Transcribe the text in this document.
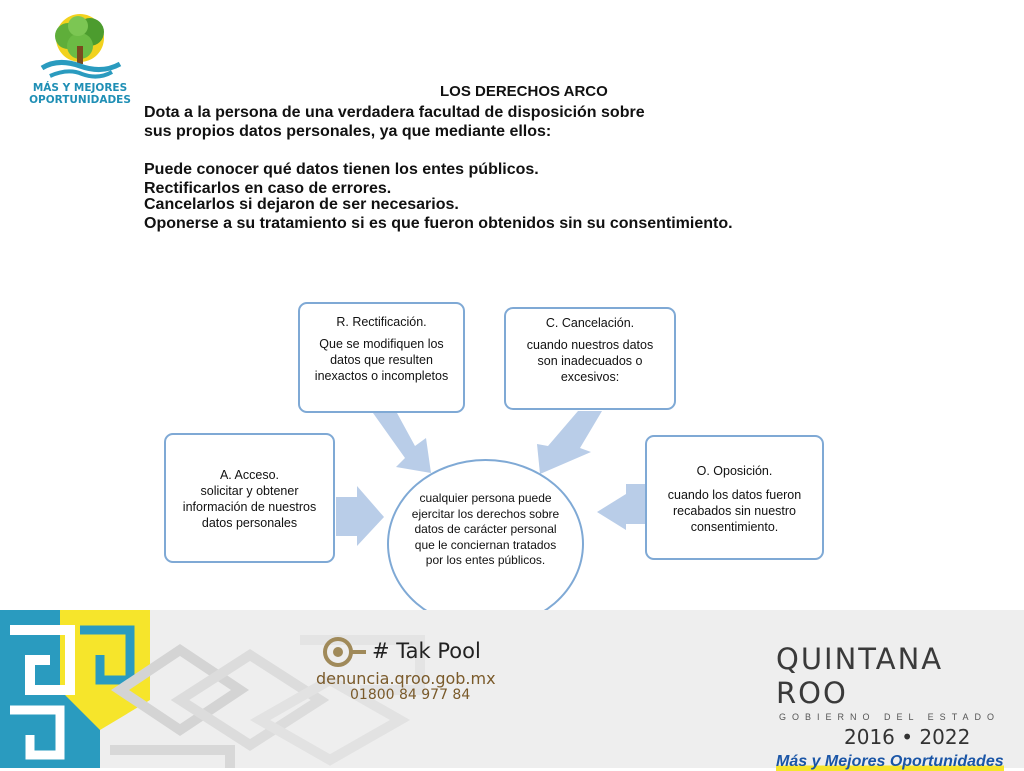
MÁS Y MEJORES
OPORTUNIDADES	LOS DERECHOS ARCO

Dota a la persona de una verdadera facultad de disposición sobre

sus propios datos personales, ya que mediante ellos:

Puede conocer qué datos tienen los entes públicos.

Rectificarlos en caso de errores.

Cancelarlos si dejaron de ser necesarios.

Oponerse a su tratamiento si es que fueron obtenidos sin su consentimiento.

R. Rectificación.
Que se modifiquen los datos que resulten inexactos o incompletos
C. Cancelación.
cuando nuestros datos son inadecuados o excesivos:
A. Acceso.
solicitar y obtener información de nuestros datos personales
O. Oposición.
cuando los datos fueron recabados sin nuestro consentimiento.
cualquier persona puede ejercitar los derechos sobre datos de carácter personal que le conciernan tratados por los entes públicos.
# Tak Pool
denuncia.qroo.gob.mx
01800 84 977 84
QUINTANA ROO
GOBIERNO DEL ESTADO
2016 • 2022
Más y Mejores Oportunidades
